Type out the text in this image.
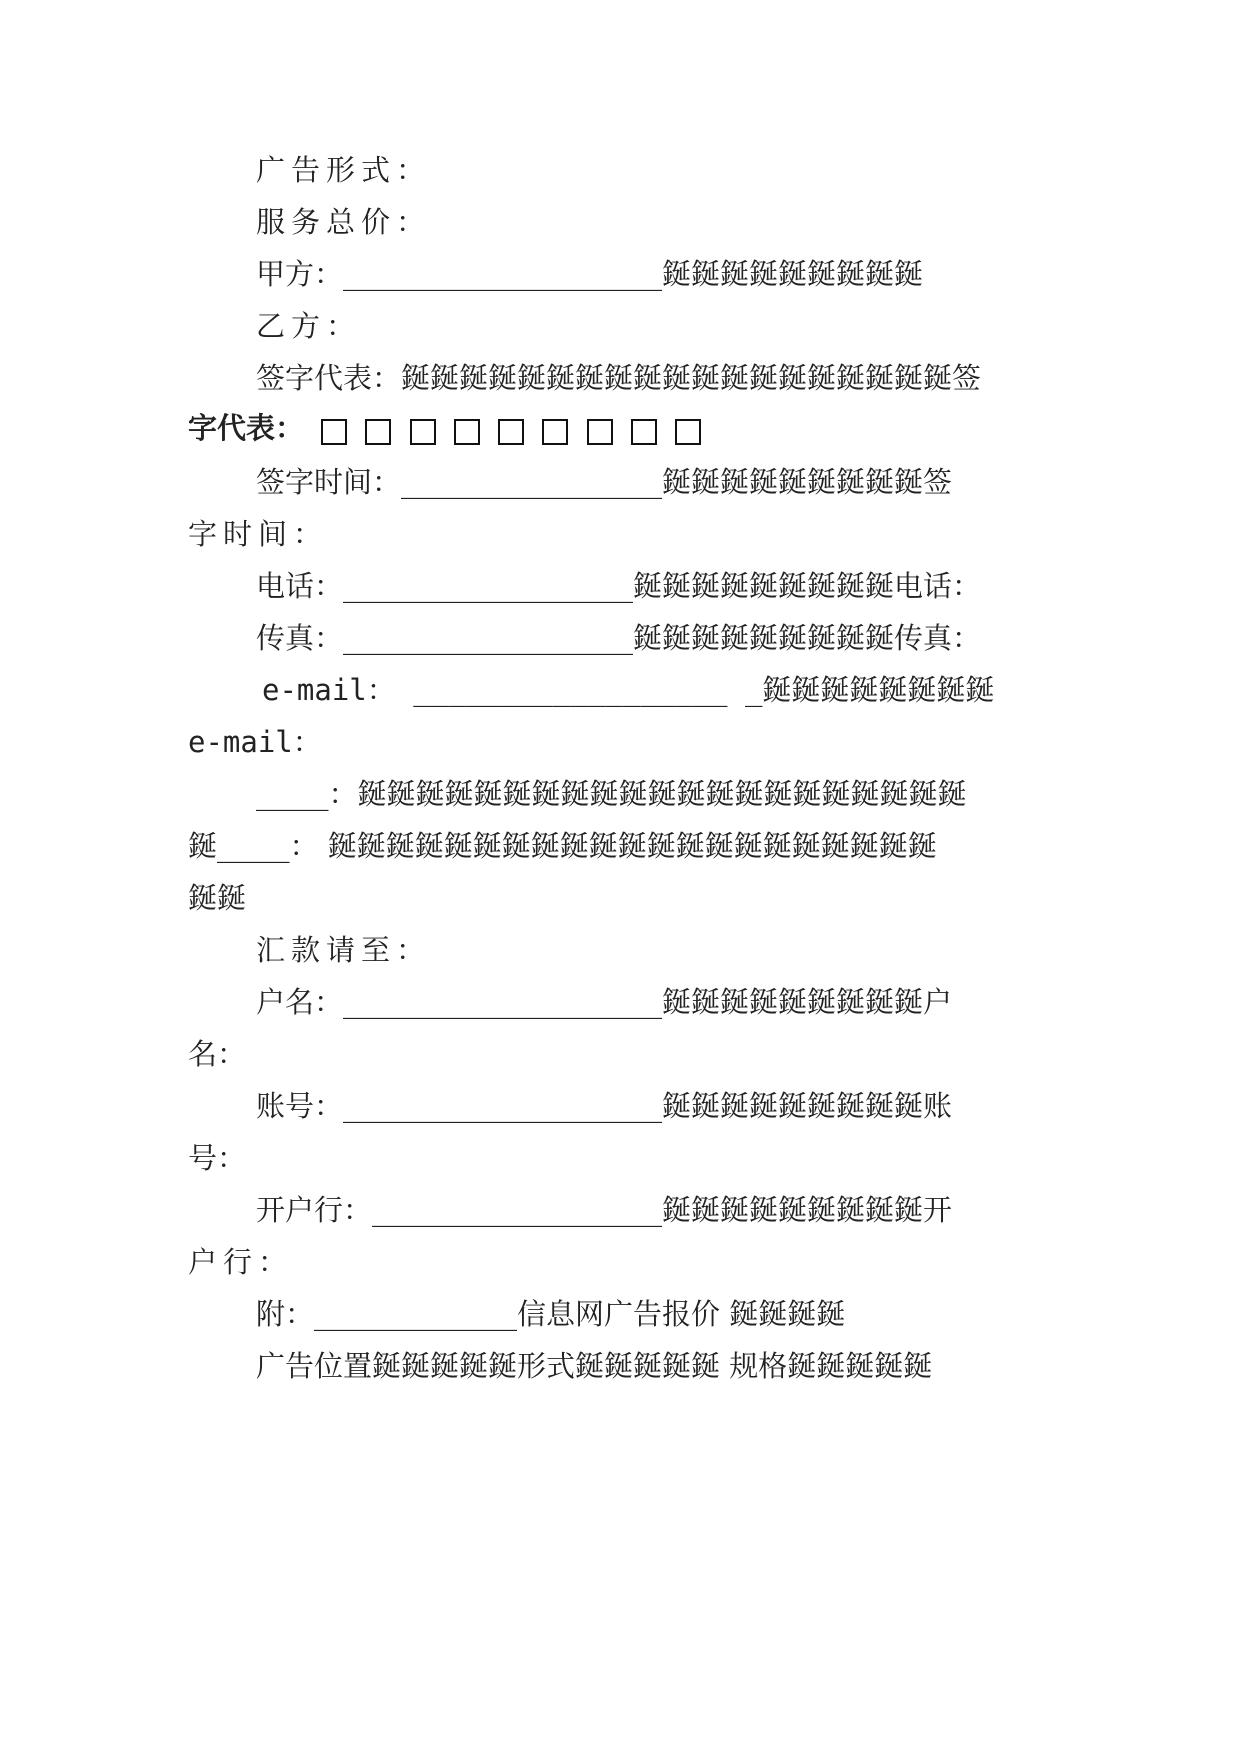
广告形式：
服务总价：
甲方：______________________鋋鋋鋋鋋鋋鋋鋋鋋鋋
乙方：
签字代表：鋋鋋鋋鋋鋋鋋鋋鋋鋋鋋鋋鋋鋋鋋鋋鋋鋋鋋鋋签
字代表：
签字时间：__________________鋋鋋鋋鋋鋋鋋鋋鋋鋋签
字时间：
电话：____________________鋋鋋鋋鋋鋋鋋鋋鋋鋋电话：
传真：____________________鋋鋋鋋鋋鋋鋋鋋鋋鋋传真：
e-mail： __________________ _鋋鋋鋋鋋鋋鋋鋋鋋
e-mail：
_____：鋋鋋鋋鋋鋋鋋鋋鋋鋋鋋鋋鋋鋋鋋鋋鋋鋋鋋鋋鋋鋋
鋋_____： 鋋鋋鋋鋋鋋鋋鋋鋋鋋鋋鋋鋋鋋鋋鋋鋋鋋鋋鋋鋋鋋
鋋鋋
汇款请至：
户名：______________________鋋鋋鋋鋋鋋鋋鋋鋋鋋户
名：
账号：______________________鋋鋋鋋鋋鋋鋋鋋鋋鋋账
号：
开户行：____________________鋋鋋鋋鋋鋋鋋鋋鋋鋋开
户行：
附：______________信息网广告报价 鋋鋋鋋鋋
广告位置鋋鋋鋋鋋鋋形式鋋鋋鋋鋋鋋 规格鋋鋋鋋鋋鋋
